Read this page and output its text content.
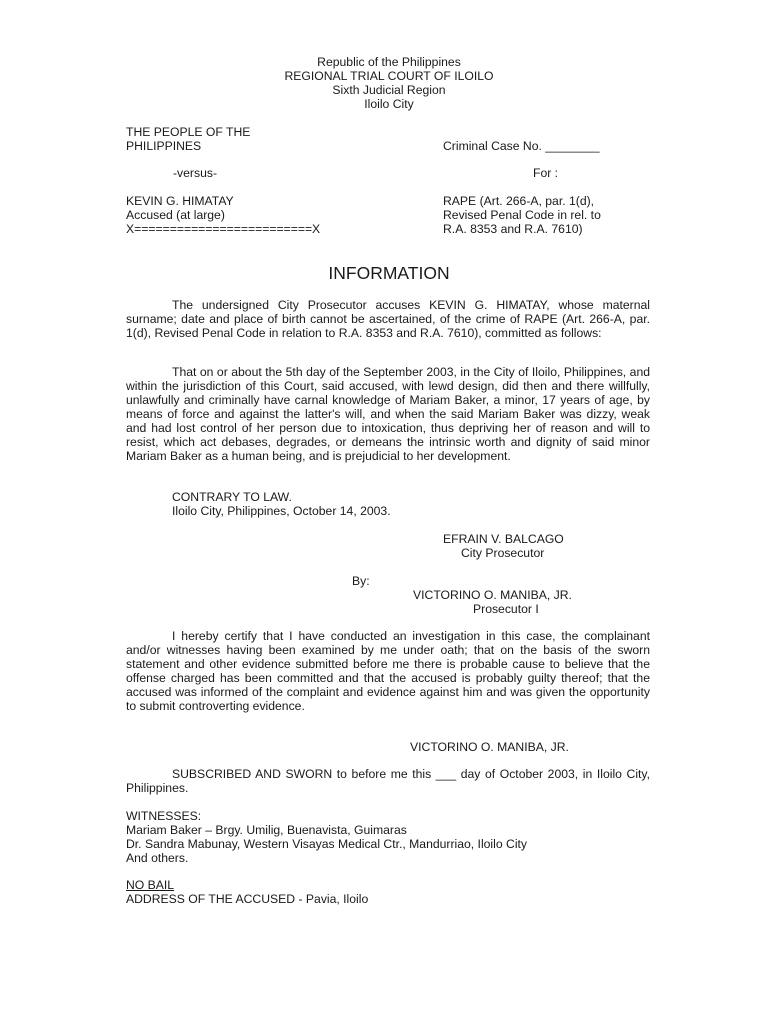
Republic of the Philippines
REGIONAL TRIAL COURT OF ILOILO
Sixth Judicial Region
Iloilo City
THE PEOPLE OF THE
PHILIPPINES	Criminal Case No. ________
-versus-	For :
KEVIN G. HIMATAY
Accused (at large)
X=========================X
RAPE (Art. 266-A, par. 1(d),
Revised Penal Code in rel. to
R.A. 8353 and R.A. 7610)
INFORMATION
The undersigned City Prosecutor accuses KEVIN G. HIMATAY, whose maternal surname; date and place of birth cannot be ascertained, of the crime of RAPE (Art. 266-A, par. 1(d), Revised Penal Code in relation to R.A. 8353 and R.A. 7610), committed as follows:
That on or about the 5th day of the September 2003, in the City of Iloilo, Philippines, and within the jurisdiction of this Court, said accused, with lewd design, did then and there willfully, unlawfully and criminally have carnal knowledge of Mariam Baker, a minor, 17 years of age, by means of force and against the latter's will, and when the said Mariam Baker was dizzy, weak and had lost control of her person due to intoxication, thus depriving her of reason and will to resist, which act debases, degrades, or demeans the intrinsic worth and dignity of said minor Mariam Baker as a human being, and is prejudicial to her development.
CONTRARY TO LAW.
Iloilo City, Philippines, October 14, 2003.
EFRAIN V. BALCAGO
City Prosecutor
By:
VICTORINO O. MANIBA, JR.
Prosecutor I
I hereby certify that I have conducted an investigation in this case, the complainant and/or witnesses having been examined by me under oath; that on the basis of the sworn statement and other evidence submitted before me there is probable cause to believe that the offense charged has been committed and that the accused is probably guilty thereof; that the accused was informed of the complaint and evidence against him and was given the opportunity to submit controverting evidence.
VICTORINO O. MANIBA, JR.
SUBSCRIBED AND SWORN to before me this ___ day of October 2003, in Iloilo City, Philippines.
WITNESSES:
Mariam Baker – Brgy. Umilig, Buenavista, Guimaras
Dr. Sandra Mabunay, Western Visayas Medical Ctr., Mandurriao, Iloilo City
And others.
NO BAIL
ADDRESS OF THE ACCUSED - Pavia, Iloilo
